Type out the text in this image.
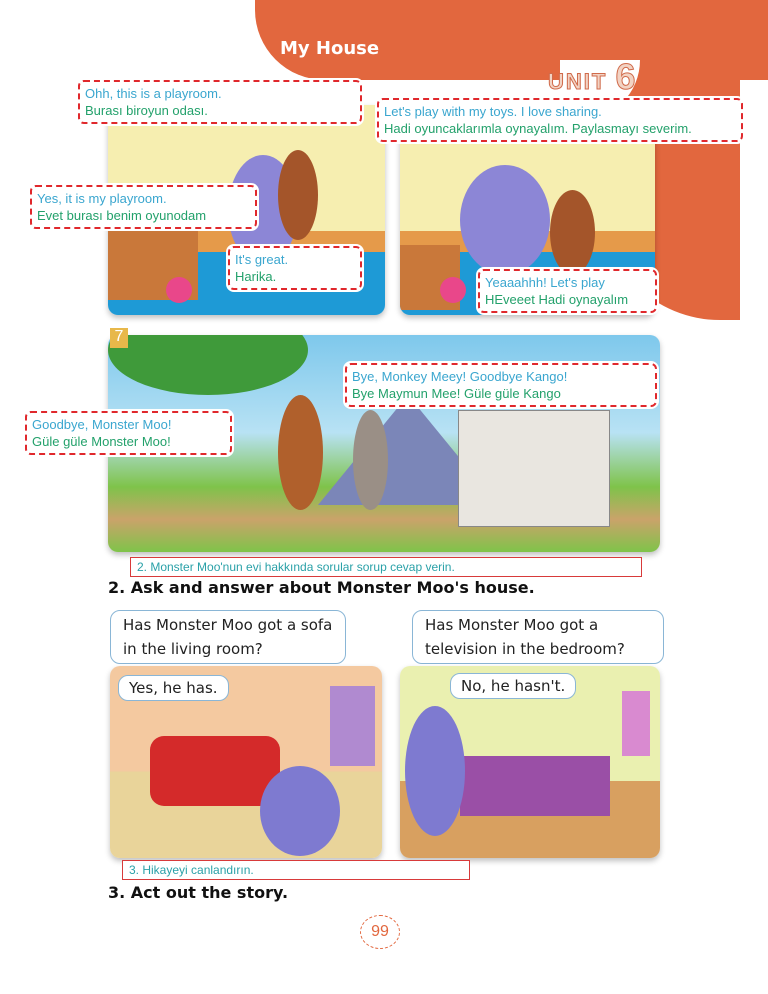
My House
Ohh, this is a playroom.
Burası biroyun odası.
Yes, it is my playroom.
Evet burası benim oyunodam
It's great.
Harika.
Let's play with my toys. I love sharing.
Hadi oyuncaklarımla oynayalım. Paylasmayı severim.
Yeaaahhh! Let's play
HEveeet Hadi oynayalım
UNIT 6
7
Bye, Monkey Meey! Goodbye Kango!
Bye Maymun Mee! Güle güle Kango
Goodbye, Monster Moo!
Güle güle Monster Moo!
2. Monster Moo'nun evi hakkında sorular sorup cevap verin.
2. Ask and answer about Monster Moo's house.
Has Monster Moo got a sofa in the living room?
Has Monster Moo got a television in the bedroom?
Yes, he has.	No, he hasn't.
3. Hikayeyi canlandırın.
3. Act out the story.
99
